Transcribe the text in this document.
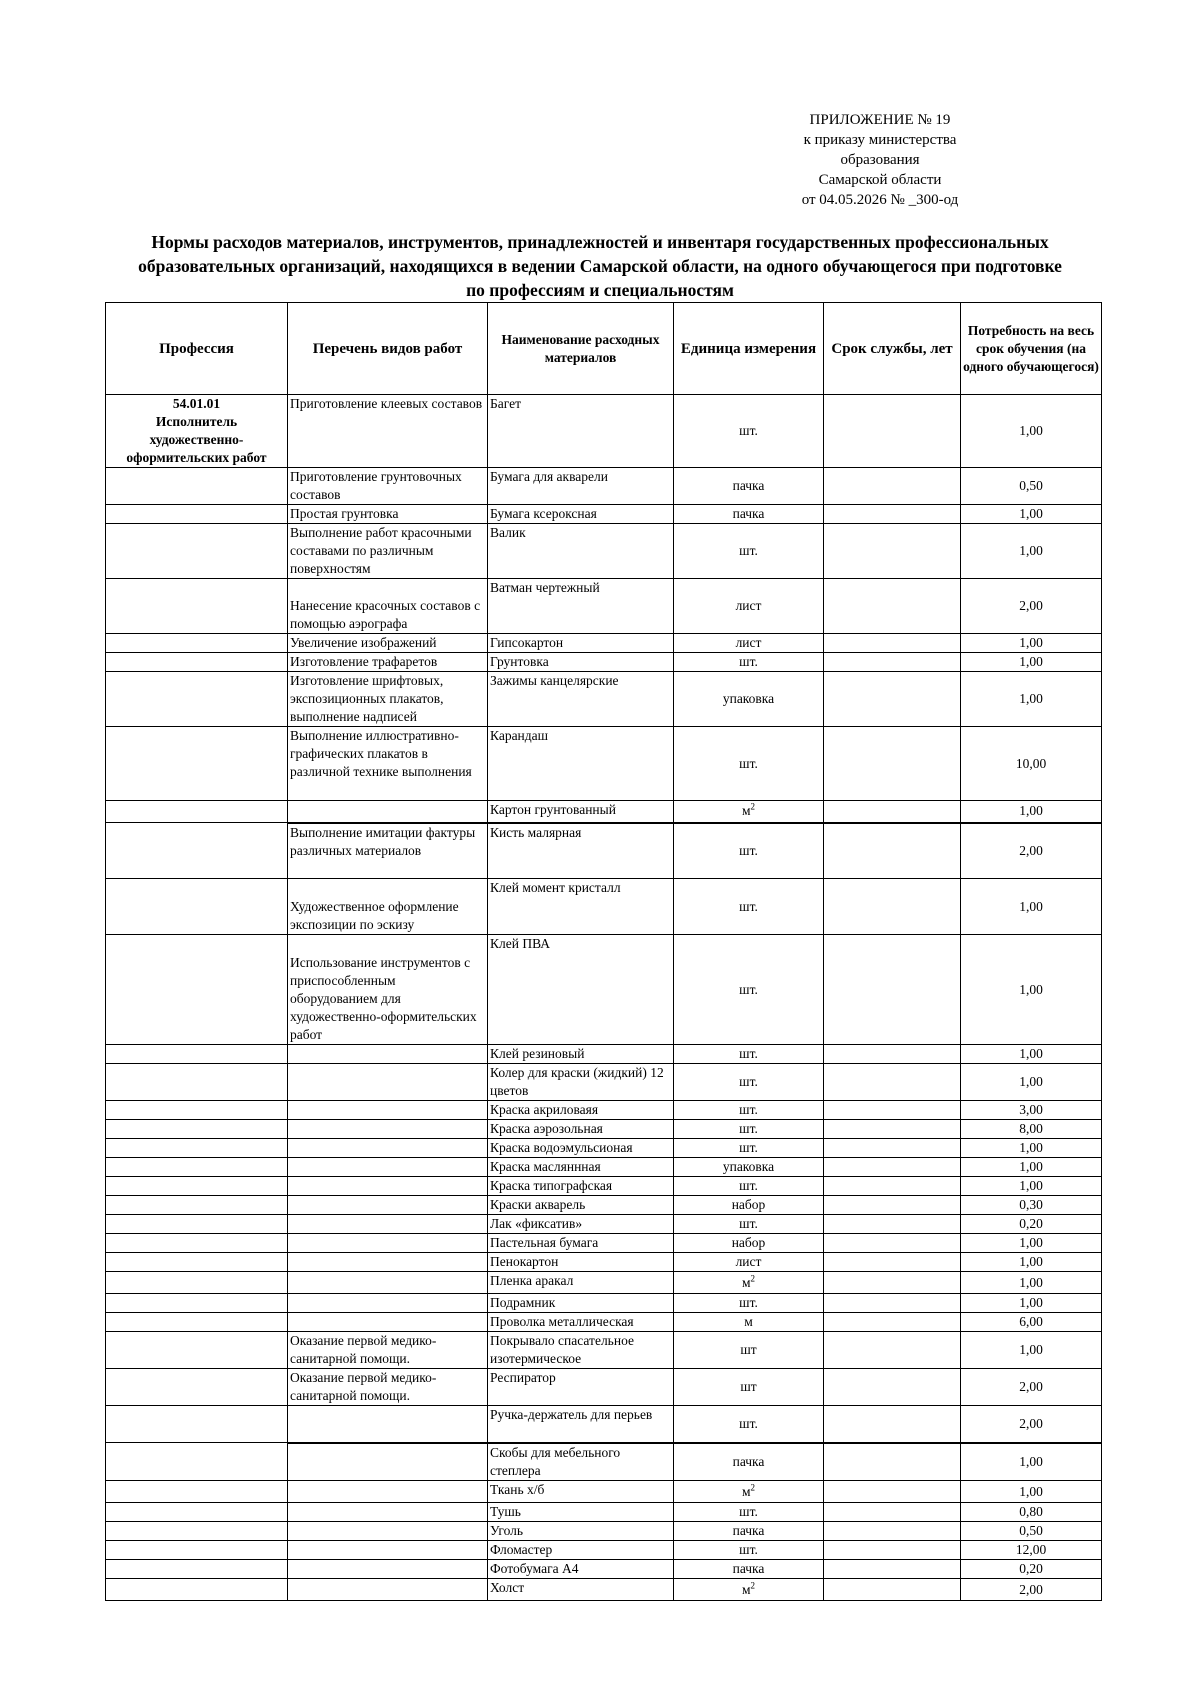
ПРИЛОЖЕНИЕ № 19
к приказу министерства
образования
Самарской области
от 04.05.2026 № _300-од
Нормы расходов материалов, инструментов, принадлежностей и инвентаря государственных профессиональных
образовательных организаций, находящихся в ведении Самарской области, на одного обучающегося при подготовке
по профессиям и специальностям
Профессия	Перечень видов работ	Наименование расходных материалов	Единица измерения	Срок службы, лет	Потребность на весь срок обучения (на одного обучающегося)

54.01.01
Исполнитель художественно-оформительских работ	Приготовление клеевых составов	Багет	шт.		1,00
	Приготовление грунтовочных составов	Бумага для акварели	пачка		0,50
	Простая грунтовка	Бумага ксероксная	пачка		1,00
	Выполнение работ красочными составами по различным поверхностям	Валик	шт.		1,00
	Нанесение красочных составов с помощью аэрографа	Ватман чертежный	лист		2,00
	Увеличение изображений	Гипсокартон	лист		1,00
	Изготовление трафаретов	Грунтовка	шт.		1,00
	Изготовление шрифтовых, экспозиционных плакатов, выполнение надписей	Зажимы канцелярские	упаковка		1,00
	Выполнение иллюстративно-графических плакатов в различной технике выполнения	Карандаш	шт.		10,00
		Картон грунтованный	$м^2$		1,00
	Выполнение имитации фактуры различных материалов	Кисть малярная	шт.		2,00
	Художественное оформление экспозиции по эскизу	Клей момент кристалл	шт.		1,00
	Использование инструментов с приспособленным оборудованием для художественно-оформительских работ	Клей ПВА	шт.		1,00
		Клей резиновый	шт.		1,00
		Колер для краски (жидкий) 12 цветов	шт.		1,00
		Краска акриловаяя	шт.		3,00
		Краска аэрозольная	шт.		8,00
		Краска водоэмульсионая	шт.		1,00
		Краска масляннная	упаковка		1,00
		Краска типографская	шт.		1,00
		Краски акварель	набор		0,30
		Лак «фиксатив»	шт.		0,20
		Пастельная бумага	набор		1,00
		Пенокартон	лист		1,00
		Пленка аракал	$м^2$		1,00
		Подрамник	шт.		1,00
		Проволка металлическая	м		6,00
	Оказание первой медико-санитарной помощи.	Покрывало спасательное изотермическое	шт		1,00
	Оказание первой медико-санитарной помощи.	Респиратор	шт		2,00
		Ручка-держатель для перьев	шт.		2,00
		Скобы для мебельного степлера	пачка		1,00
		Ткань х/б	$м^2$		1,00
		Тушь	шт.		0,80
		Уголь	пачка		0,50
		Фломастер	шт.		12,00
		Фотобумага А4	пачка		0,20
		Холст	$м^2$		2,00
